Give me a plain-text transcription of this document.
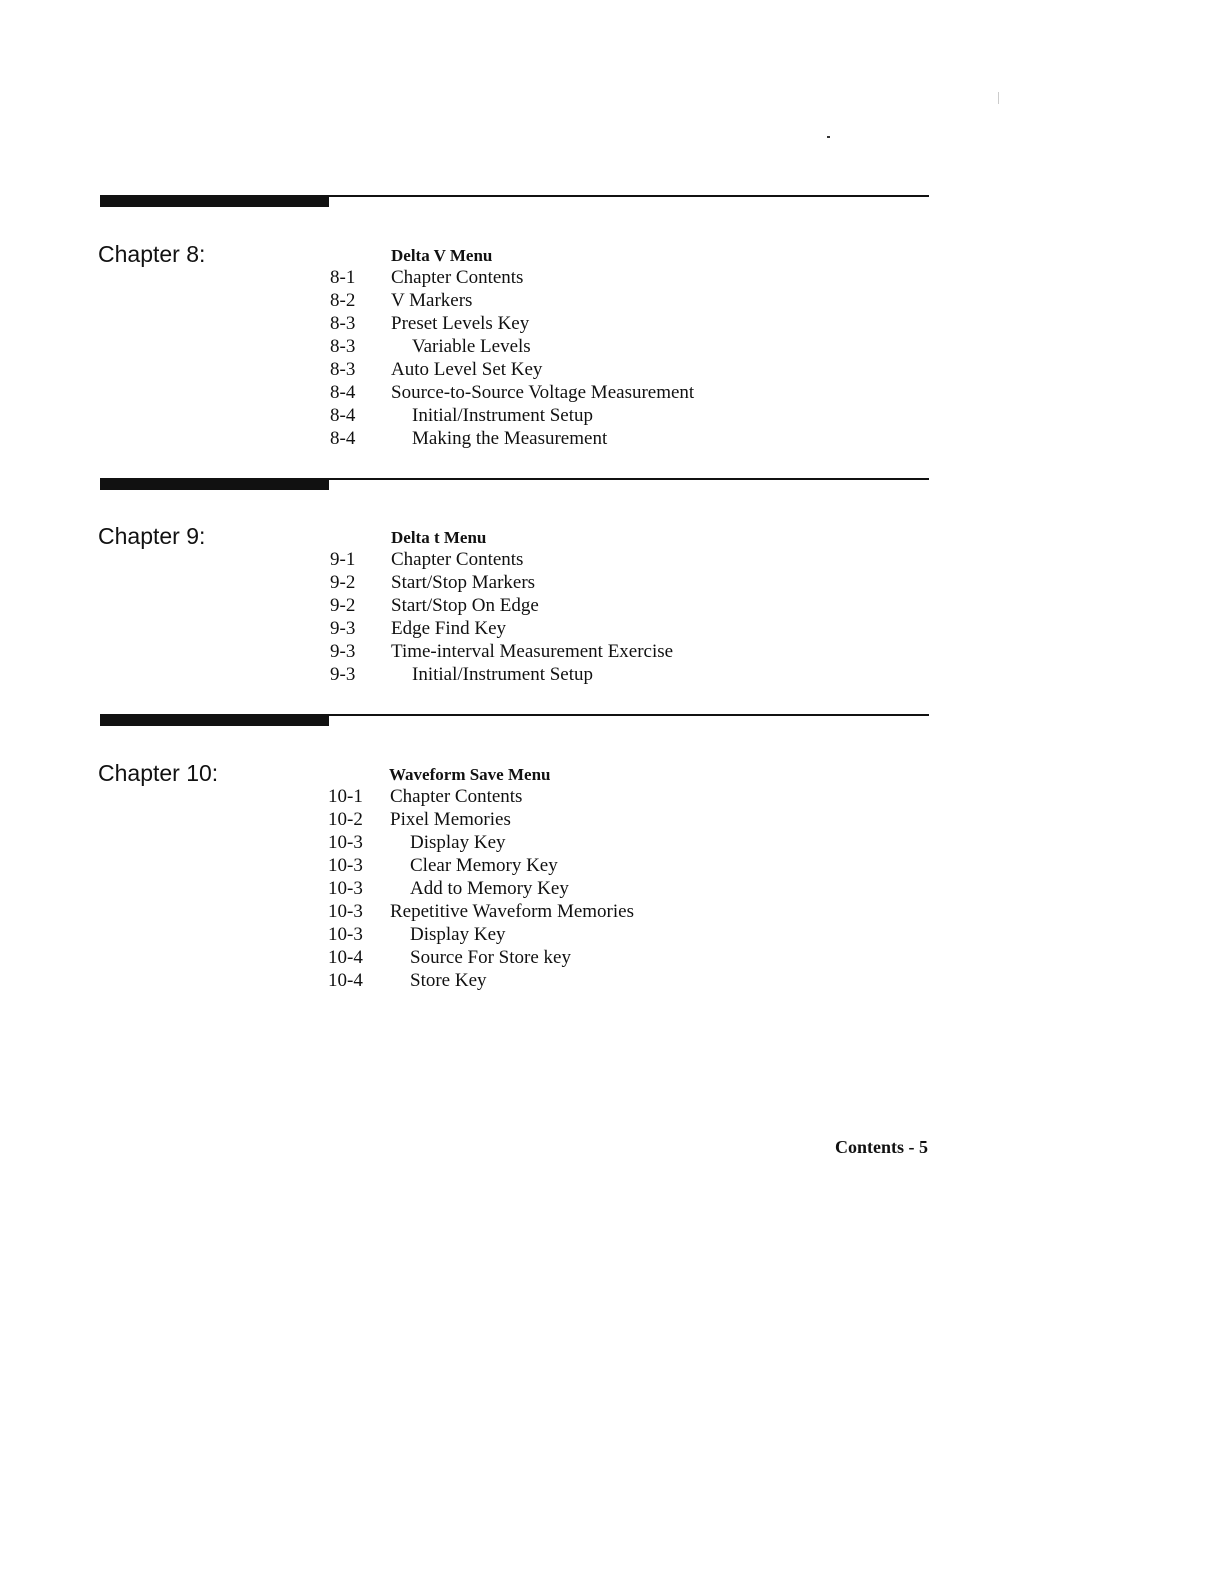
Chapter 8:	Delta V Menu
8-1 Chapter Contents
8-2 V Markers
8-3 Preset Levels Key
8-3	Variable Levels
8-3 Auto Level Set Key
8-4 Source-to-Source Voltage Measurement
8-4	Initial/Instrument Setup
8-4	Making the Measurement
Chapter 9:	Delta t Menu
9-1 Chapter Contents
9-2 Start/Stop Markers
9-2 Start/Stop On Edge
9-3 Edge Find Key
9-3 Time-interval Measurement Exercise
9-3	Initial/Instrument Setup
Chapter 10:	Waveform Save Menu
10-1 Chapter Contents
10-2 Pixel Memories
10-3 Display Key
10-3 Clear Memory Key
10-3 Add to Memory Key
10-3 Repetitive Waveform Memories
10-3 Display Key
10-4 Source For Store key
10-4 Store Key
Contents - 5
